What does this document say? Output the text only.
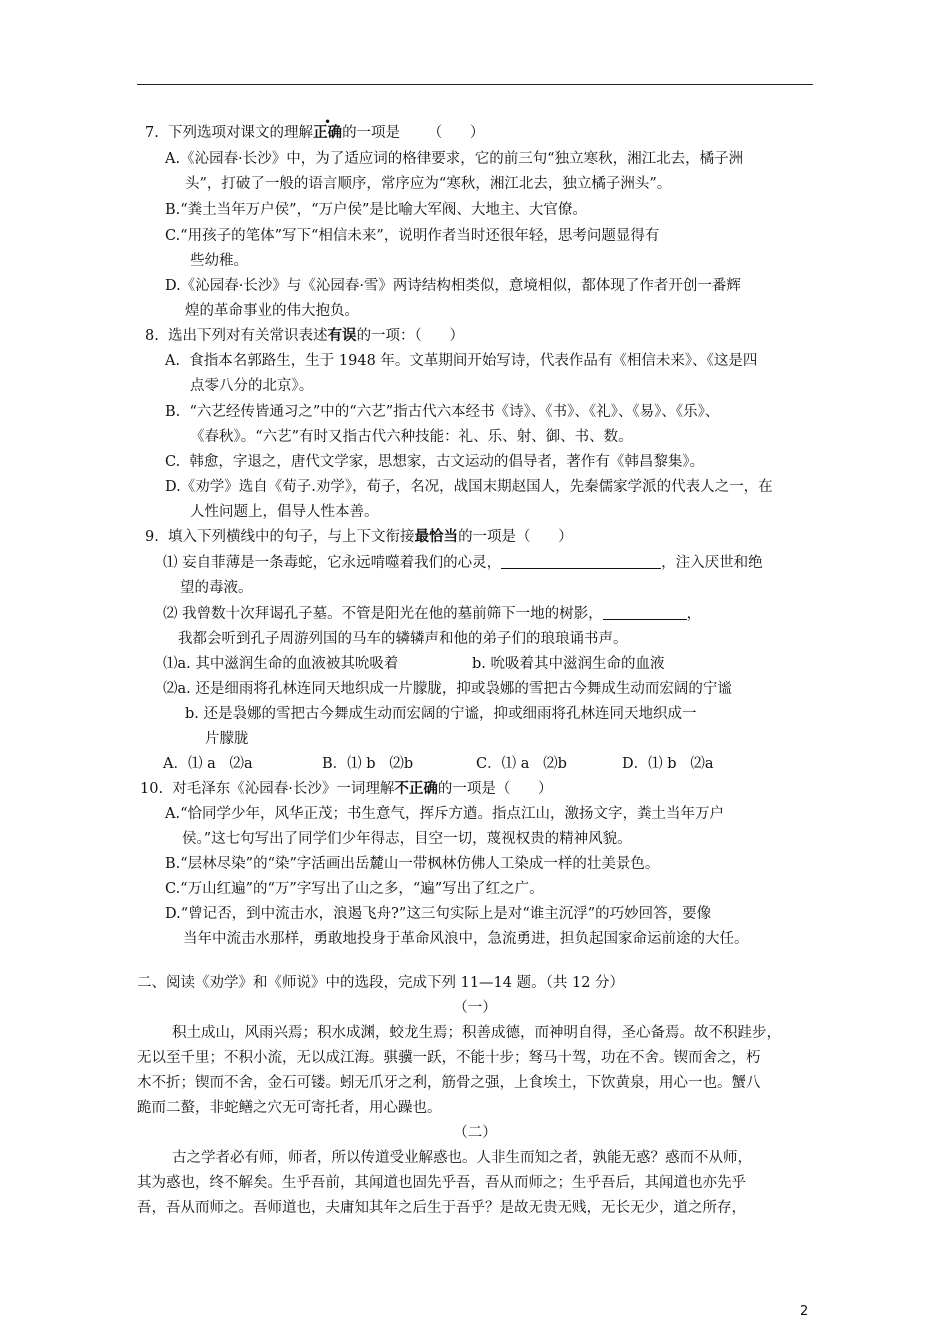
7.  下列选项对课文的理解正确的一项是      （      ）
A.《沁园春·长沙》中，为了适应词的格律要求，它的前三句“独立寒秋，湘江北去，橘子洲
头”，打破了一般的语言顺序，常序应为“寒秋，湘江北去，独立橘子洲头”。
B.“粪土当年万户侯”，“万户侯”是比喻大军阀、大地主、大官僚。
C.“用孩子的笔体”写下“相信未来”，说明作者当时还很年轻，思考问题显得有
些幼稚。
D.《沁园春·长沙》与《沁园春·雪》两诗结构相类似，意境相似，都体现了作者开创一番辉
煌的革命事业的伟大抱负。
8.  选出下列对有关常识表述有误的一项：（      ）
A.  食指本名郭路生，生于 1948 年。文革期间开始写诗，代表作品有《相信未来》、《这是四
点零八分的北京》。
B.  “六艺经传皆通习之”中的“六艺”指古代六本经书《诗》、《书》、《礼》、《易》、《乐》、
《春秋》。“六艺”有时又指古代六种技能：礼、乐、射、御、书、数。
C.  韩愈，字退之，唐代文学家，思想家，古文运动的倡导者，著作有《韩昌黎集》。
D.《劝学》选自《荀子.劝学》，荀子，名况，战国末期赵国人，先秦儒家学派的代表人之一，在
人性问题上，倡导人性本善。
9.  填入下列横线中的句子，与上下文衔接最恰当的一项是（      ）
⑴ 妄自菲薄是一条毒蛇，它永远啃噬着我们的心灵，	，注入厌世和绝
望的毒液。
⑵ 我曾数十次拜谒孔子墓。不管是阳光在他的墓前筛下一地的树影，	，
我都会听到孔子周游列国的马车的辚辚声和他的弟子们的琅琅诵书声。
⑴a. 其中滋润生命的血液被其吮吸着	b. 吮吸着其中滋润生命的血液
⑵a. 还是细雨将孔林连同天地织成一片朦胧，抑或袅娜的雪把古今舞成生动而宏阔的宁谧
b. 还是袅娜的雪把古今舞成生动而宏阔的宁谧，抑或细雨将孔林连同天地织成一
片朦胧
A．⑴ a   ⑵a	B．⑴ b   ⑵b	C．⑴ a   ⑵b	D．⑴ b   ⑵a
10.  对毛泽东《沁园春·长沙》一词理解不正确的一项是（      ）
A.“恰同学少年，风华正茂；书生意气，挥斥方遒。指点江山，激扬文字，粪土当年万户
侯。”这七句写出了同学们少年得志，目空一切，蔑视权贵的精神风貌。
B.“层林尽染”的“染”字活画出岳麓山一带枫林仿佛人工染成一样的壮美景色。
C.“万山红遍”的“万”字写出了山之多，“遍”写出了红之广。
D.“曾记否，到中流击水，浪遏飞舟?”这三句实际上是对“谁主沉浮”的巧妙回答，要像
当年中流击水那样，勇敢地投身于革命风浪中，急流勇进，担负起国家命运前途的大任。
二、阅读《劝学》和《师说》中的选段，完成下列 11—14 题。（共 12 分）
（一）
积土成山，风雨兴焉；积水成渊，蛟龙生焉；积善成德，而神明自得，圣心备焉。故不积跬步，
无以至千里；不积小流，无以成江海。骐骥一跃，不能十步；驽马十驾，功在不舍。锲而舍之，朽
木不折；锲而不舍，金石可镂。蚓无爪牙之利，筋骨之强，上食埃土，下饮黄泉，用心一也。蟹八
跪而二螯，非蛇鳝之穴无可寄托者，用心躁也。
（二）
古之学者必有师，师者，所以传道受业解惑也。人非生而知之者，孰能无惑？惑而不从师，
其为惑也，终不解矣。生乎吾前，其闻道也固先乎吾，吾从而师之；生乎吾后，其闻道也亦先乎
吾，吾从而师之。吾师道也，夫庸知其年之后生于吾乎？是故无贵无贱，无长无少，道之所存，
2
